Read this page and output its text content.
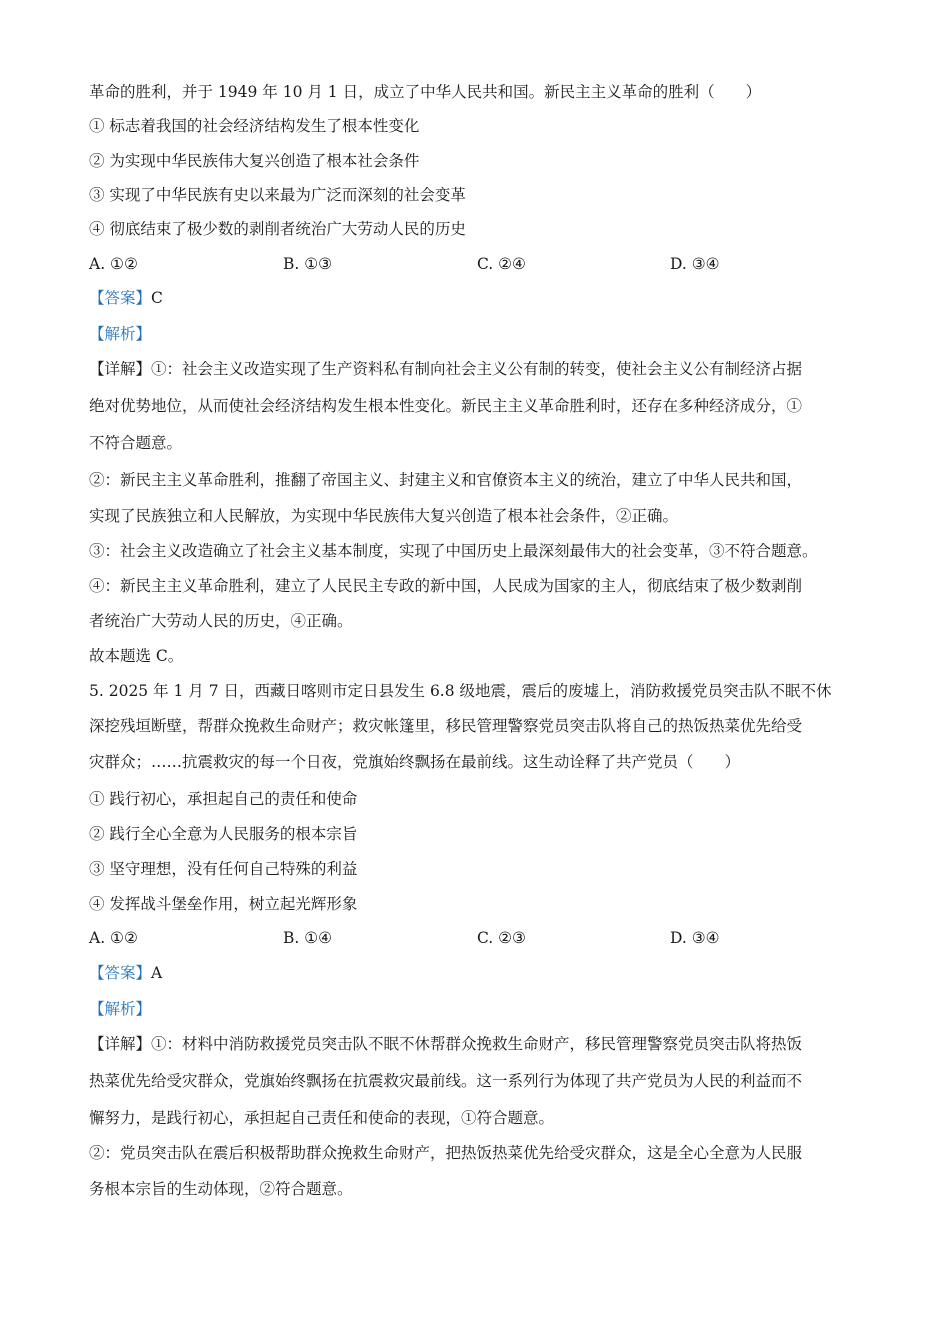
革命的胜利，并于 1949 年 10 月 1 日，成立了中华人民共和国。新民主主义革命的胜利（　　）
① 标志着我国的社会经济结构发生了根本性变化
② 为实现中华民族伟大复兴创造了根本社会条件
③ 实现了中华民族有史以来最为广泛而深刻的社会变革
④ 彻底结束了极少数的剥削者统治广大劳动人民的历史
A. ①②	B. ①③	C. ②④	D. ③④
【答案】C
【解析】
【详解】①：社会主义改造实现了生产资料私有制向社会主义公有制的转变，使社会主义公有制经济占据
绝对优势地位，从而使社会经济结构发生根本性变化。新民主主义革命胜利时，还存在多种经济成分，①
不符合题意。
②：新民主主义革命胜利，推翻了帝国主义、封建主义和官僚资本主义的统治，建立了中华人民共和国，
实现了民族独立和人民解放，为实现中华民族伟大复兴创造了根本社会条件，②正确。
③：社会主义改造确立了社会主义基本制度，实现了中国历史上最深刻最伟大的社会变革，③不符合题意。
④：新民主主义革命胜利，建立了人民民主专政的新中国，人民成为国家的主人，彻底结束了极少数剥削
者统治广大劳动人民的历史，④正确。
故本题选 C。
5. 2025 年 1 月 7 日，西藏日喀则市定日县发生 6.8 级地震，震后的废墟上，消防救援党员突击队不眠不休
深挖残垣断壁，帮群众挽救生命财产；救灾帐篷里，移民管理警察党员突击队将自己的热饭热菜优先给受
灾群众；……抗震救灾的每一个日夜，党旗始终飘扬在最前线。这生动诠释了共产党员（　　）
① 践行初心，承担起自己的责任和使命
② 践行全心全意为人民服务的根本宗旨
③ 坚守理想，没有任何自己特殊的利益
④ 发挥战斗堡垒作用，树立起光辉形象
A. ①②	B. ①④	C. ②③	D. ③④
【答案】A
【解析】
【详解】①：材料中消防救援党员突击队不眠不休帮群众挽救生命财产，移民管理警察党员突击队将热饭
热菜优先给受灾群众，党旗始终飘扬在抗震救灾最前线。这一系列行为体现了共产党员为人民的利益而不
懈努力，是践行初心，承担起自己责任和使命的表现，①符合题意。
②：党员突击队在震后积极帮助群众挽救生命财产，把热饭热菜优先给受灾群众，这是全心全意为人民服
务根本宗旨的生动体现，②符合题意。
